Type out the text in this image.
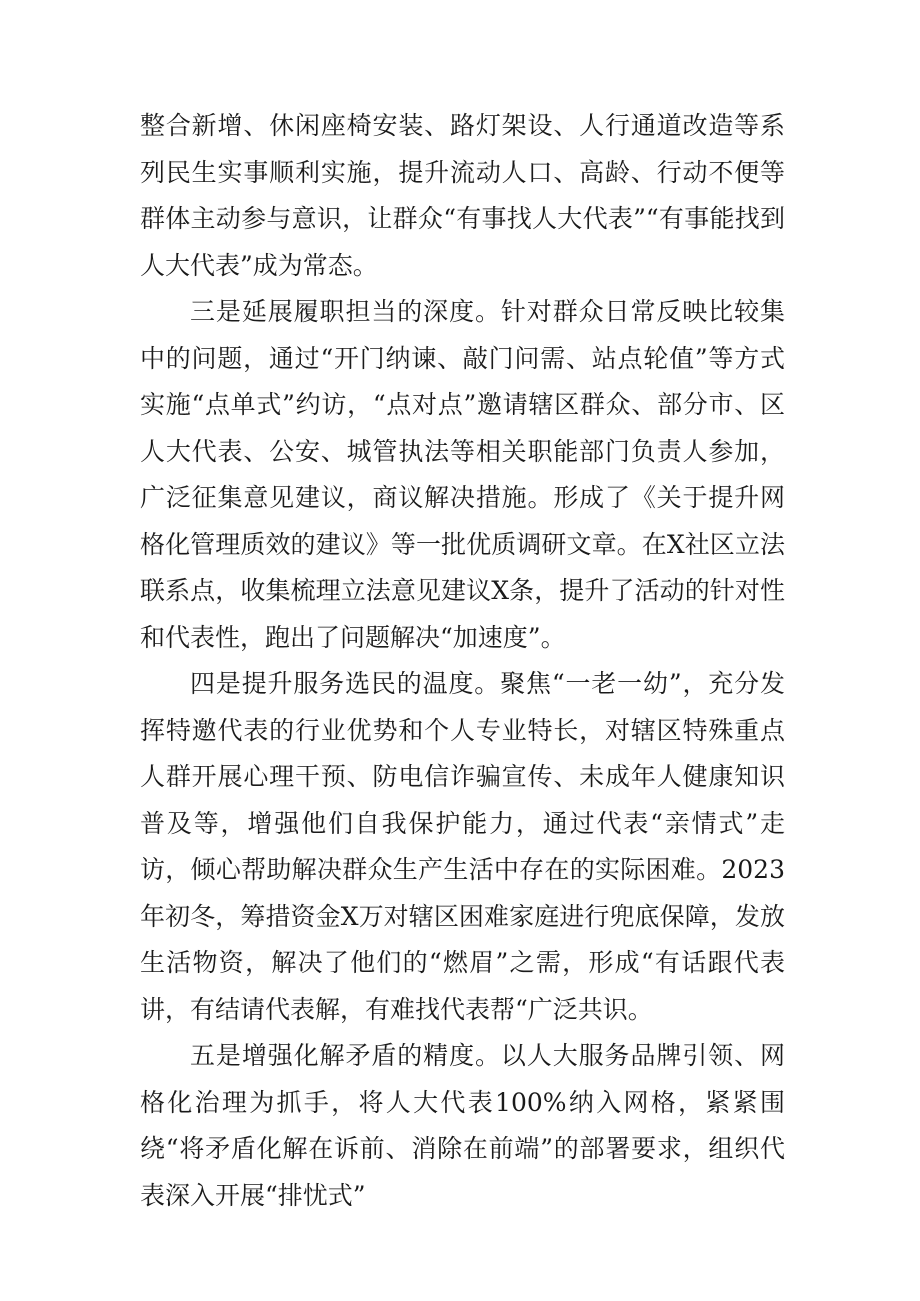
整合新增、休闲座椅安装、路灯架设、人行通道改造等系列民生实事顺利实施，提升流动人口、高龄、行动不便等群体主动参与意识，让群众“有事找人大代表”“有事能找到人大代表”成为常态。

三是延展履职担当的深度。针对群众日常反映比较集中的问题，通过“开门纳谏、敲门问需、站点轮值”等方式实施“点单式”约访，“点对点”邀请辖区群众、部分市、区人大代表、公安、城管执法等相关职能部门负责人参加，广泛征集意见建议，商议解决措施。形成了《关于提升网格化管理质效的建议》等一批优质调研文章。在X社区立法联系点，收集梳理立法意见建议X条，提升了活动的针对性和代表性，跑出了问题解决“加速度”。

四是提升服务选民的温度。聚焦“一老一幼”，充分发挥特邀代表的行业优势和个人专业特长，对辖区特殊重点人群开展心理干预、防电信诈骗宣传、未成年人健康知识普及等，增强他们自我保护能力，通过代表“亲情式”走访，倾心帮助解决群众生产生活中存在的实际困难。2023年初冬，筹措资金X万对辖区困难家庭进行兜底保障，发放生活物资，解决了他们的“燃眉”之需，形成“有话跟代表讲，有结请代表解，有难找代表帮“广泛共识。

五是增强化解矛盾的精度。以人大服务品牌引领、网格化治理为抓手，将人大代表100%纳入网格，紧紧围绕“将矛盾化解在诉前、消除在前端”的部署要求，组织代表深入开展“排忧式”
